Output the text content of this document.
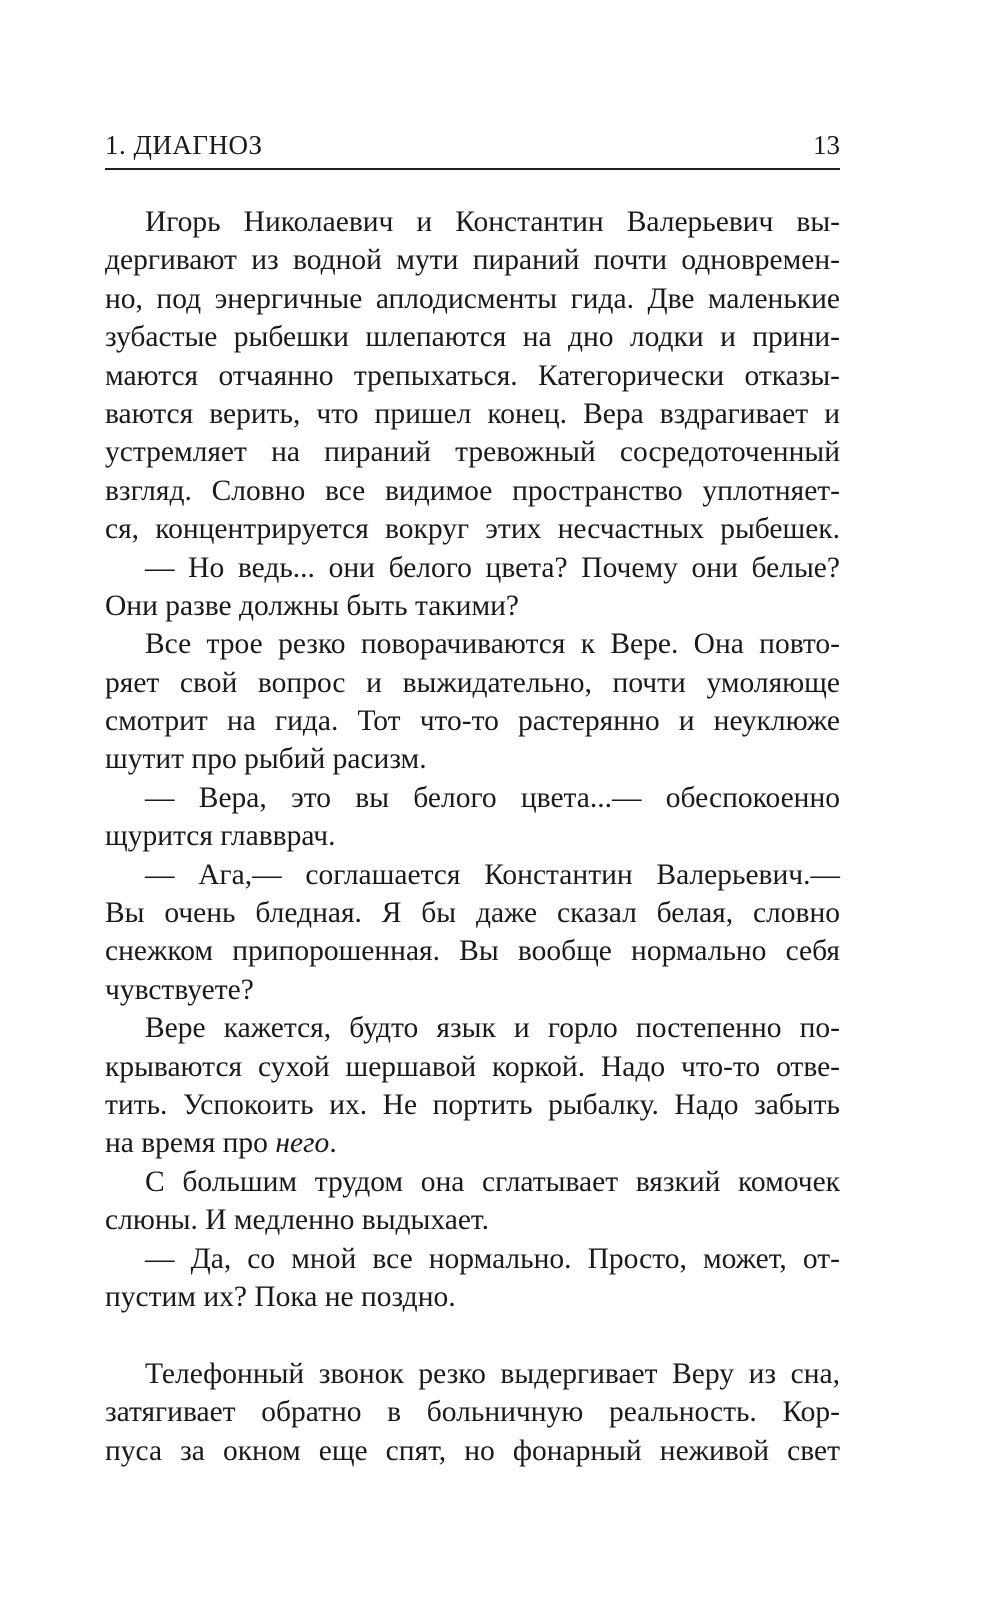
1. ДИАГНОЗ	13
Игорь Николаевич и Константин Валерьевич вы-
дергивают из водной мути пираний почти одновремен-
но, под энергичные аплодисменты гида. Две маленькие
зубастые рыбешки шлепаются на дно лодки и прини-
маются отчаянно трепыхаться. Категорически отказы-
ваются верить, что пришел конец. Вера вздрагивает и
устремляет на пираний тревожный сосредоточенный
взгляд. Словно все видимое пространство уплотняет-
ся, концентрируется вокруг этих несчастных рыбешек.
— Но ведь... они белого цвета? Почему они белые?
Они разве должны быть такими?
Все трое резко поворачиваются к Вере. Она повто-
ряет свой вопрос и выжидательно, почти умоляюще
смотрит на гида. Тот что-то растерянно и неуклюже
шутит про рыбий расизм.
— Вера, это вы белого цвета...— обеспокоенно
щурится главврач.
— Ага,— соглашается Константин Валерьевич.—
Вы очень бледная. Я бы даже сказал белая, словно
снежком припорошенная. Вы вообще нормально себя
чувствуете?
Вере кажется, будто язык и горло постепенно по-
крываются сухой шершавой коркой. Надо что-то отве-
тить. Успокоить их. Не портить рыбалку. Надо забыть
на время про него.
С большим трудом она сглатывает вязкий комочек
слюны. И медленно выдыхает.
— Да, со мной все нормально. Просто, может, от-
пустим их? Пока не поздно.
Телефонный звонок резко выдергивает Веру из сна,
затягивает обратно в больничную реальность. Кор-
пуса за окном еще спят, но фонарный неживой свет
